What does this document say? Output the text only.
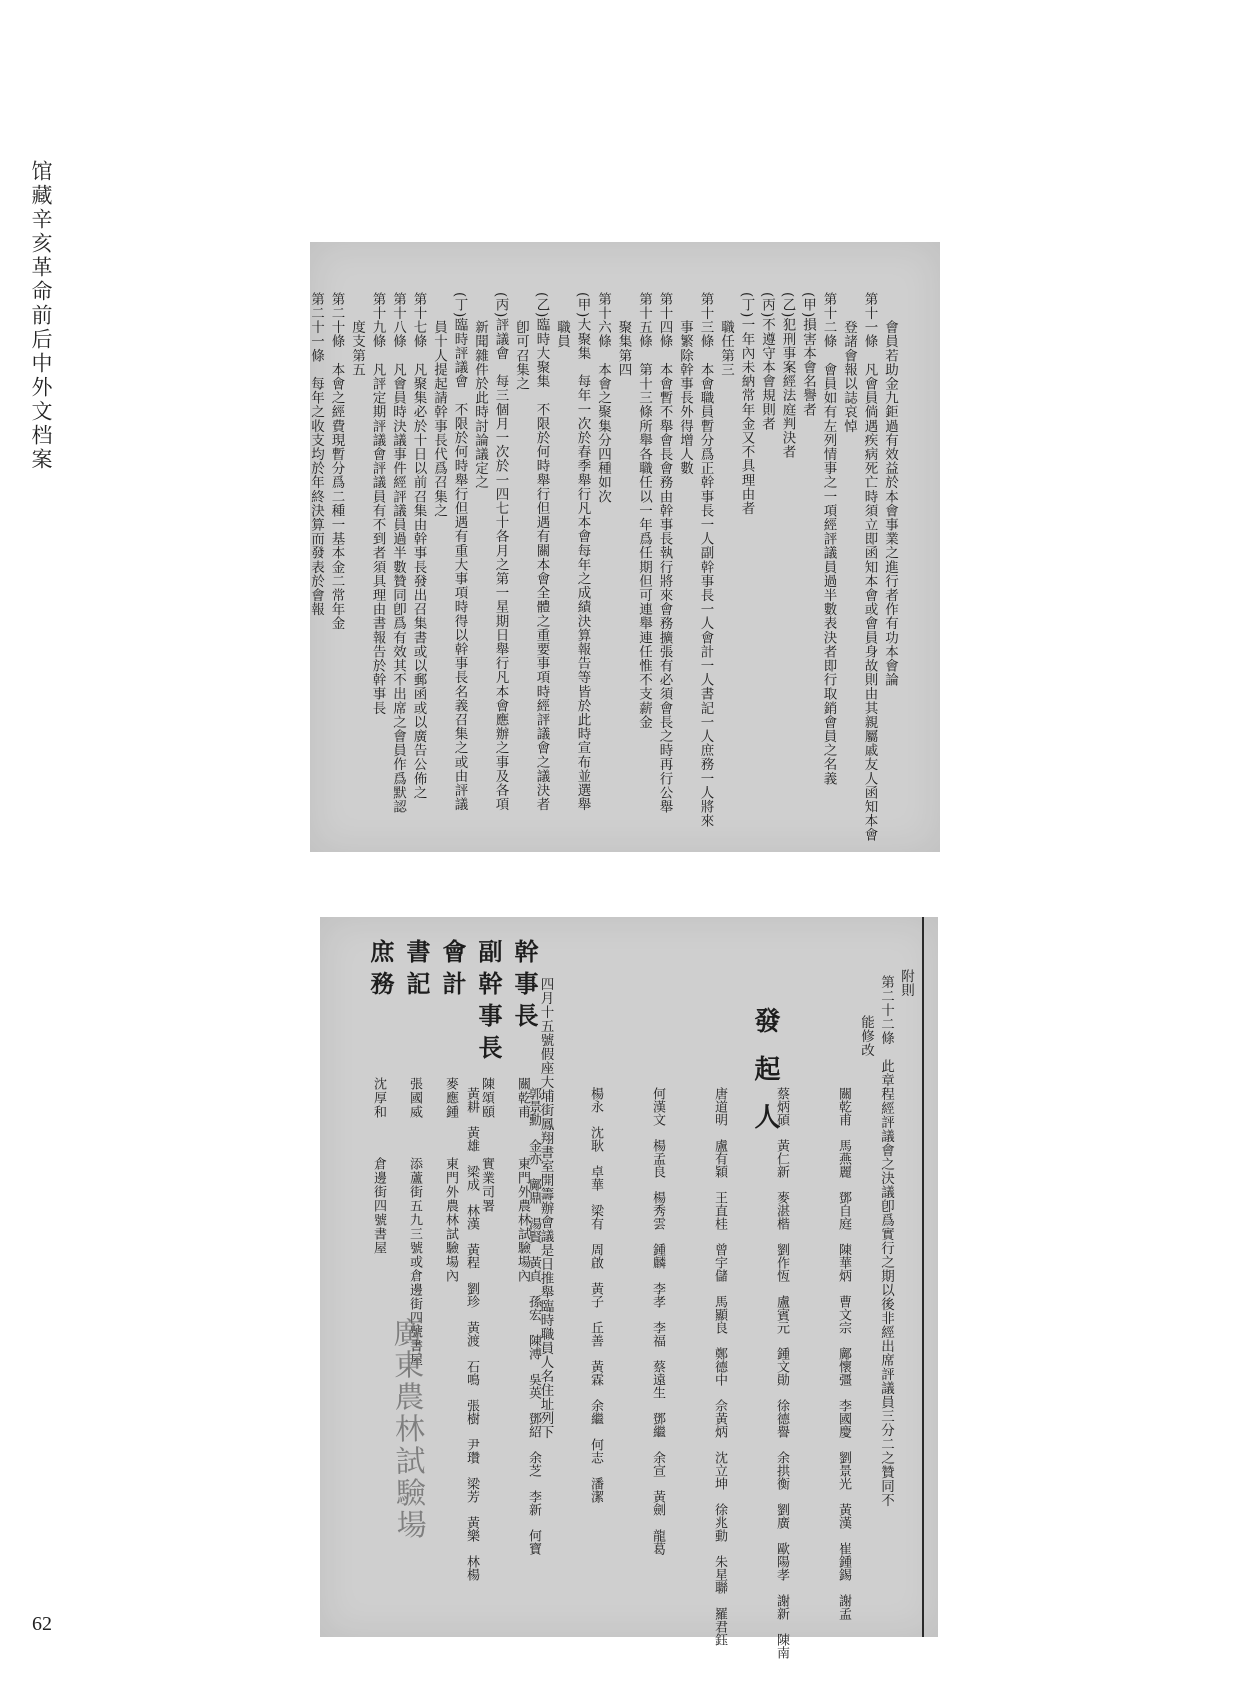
馆藏辛亥革命前后中外文档案
62
　　會員若助金九鉅過有效益於本會事業之進行者作有功本會論
第十一條　凡會員倘遇疾病死亡時須立即函知本會或會員身故則由其親屬戚友人函知本會
　　登諸會報以誌哀悼
第十二條　會員如有左列情事之一項經評議員過半數表決者即行取銷會員之名義
(甲)損害本會名譽者
(乙)犯刑事案經法庭判決者
(丙)不遵守本會規則者
(丁)一年內未納常年金又不具理由者
　　職任第三
第十三條　本會職員暫分爲正幹事長一人副幹事長一人會計一人書記一人庶務一人將來
　　事繁除幹事長外得增人數
第十四條　本會暫不舉會長會務由幹事長執行將來會務擴張有必須會長之時再行公舉
第十五條　第十三條所舉各職任以一年爲任期但可連舉連任惟不支薪金
　　聚集第四
第十六條　本會之聚集分四種如次
(甲)大聚集　每年一次於春季舉行凡本會每年之成績決算報告等皆於此時宣布並選舉
　　職員
(乙)臨時大聚集　不限於何時舉行但遇有關本會全體之重要事項時經評議會之議決者
　　卽可召集之
(丙)評議會　每三個月一次於一四七十各月之第一星期日舉行凡本會應辦之事及各項
　　新聞雜件於此時討論議定之
(丁)臨時評議會　不限於何時舉行但遇有重大事項時得以幹事長名義召集之或由評議
　　員十人提起請幹事長代爲召集之
第十七條　凡聚集必於十日以前召集由幹事長發出召集書或以郵函或以廣告公佈之
第十八條　凡會員時決議事件經評議員過半數贊同卽爲有效其不出席之會員作爲默認
第十九條　凡評定期評議會評議員有不到者須具理由書報告於幹事長
　　度支第五
第二十條　本會之經費現暫分爲二種一基本金二常年金
第二十一條　每年之收支均於年終決算而發表於會報
附則
第二十二條　此章程經評議會之決議卽爲實行之期以後非經出席評議員三分二之贊同不
　　能修改
發起人
關乾甫　馬燕麗　鄧自庭　陳華炳　曹文宗　鄺懷彊　李國慶　劉景光　黃漢　崔鍾錫　謝孟
蔡炳碩　黃仁新　麥湛楷　劉作恆　盧賓元　鍾文勛　徐德譽　余拱衡　劉廣　歐陽孝　謝新　陳南
唐道明　盧有穎　王直桂　曾宇儲　馬顯良　鄭德中　佘黃炳　沈立坤　徐兆動　朱星聯　羅君鈺
何漢文　楊孟良　楊秀雲　鍾麟　李孝　李福　蔡遠生　鄧繼　余宣　黃劍　龍葛
楊永　沈耿　卓華　梁有　周啟　黃子　丘善　黃霖　余繼　何志　潘潔
郭景勳　金亦　鄺鼎　湯賢　黃貞　孫宏　陳溥　吳英　鄧紹　余芝　李新　何寶
黃耕　黃雄　梁成　林漢　黃程　劉珍　黃渡　石鳴　張樹　尹瓚　梁芳　黃樂　林楊	四月十五號假座大埔街鳳翔書室開籌辦會議是日推舉臨時職員人名住址列下
幹事長
關乾甫
東門外農林試驗場內
副幹事長
陳頌頤
實業司署
會計
麥應鍾
東門外農林試驗場內
書記
張國威
添蘆街五九三號或倉邊街四號書屋
庶務
沈厚和
倉邊街四號書屋
廣東農林試驗場
